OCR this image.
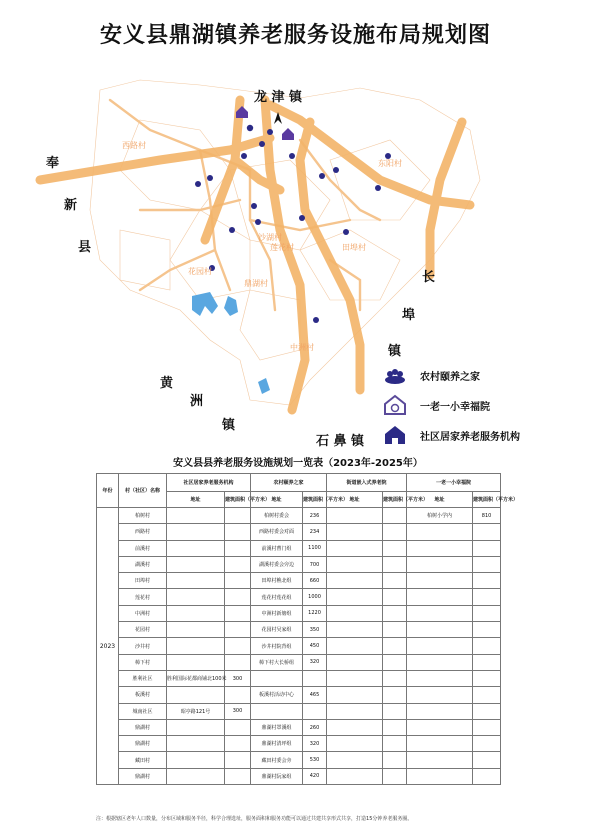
安义县鼎湖镇养老服务设施布局规划图
西路村
东阳村
沙湖村
田埠村
莲花村
花园村
鼎湖村
中洲村
龙 津 镇
奉
新
县
长
埠
镇
黄
洲
镇
石 鼻 镇
农村颐养之家
一老一小幸福院
社区居家养老服务机构
安义县县养老服务设施规划一览表（2023年-2025年）
年份	村（社区）名称	社区居家养老服务机构		农村颐养之家		街道嵌入式养老院		一老一小幸福院	
		地址	建筑面积（平方米）	地址	建筑面积（平方米）	地址	建筑面积（平方米）	地址	建筑面积（平方米）
2023	柏树村			柏树村委会	236			柏树小学内	810
	西路村			西路村委会对面	234				
	前溪村			前溪村曹门组	1100				
	湖溪村			湖溪村委会旁边	700				
	田埠村			田埠村樵北组	660				
	莲花村			莲花村莲花组	1000				
	中洲村			中洲村新塘组	1220				
	花园村			花园村吴家组	350				
	沙井村			沙井村院背组	450				
	樟下村			樟下村大长桥组	320				
	胜利社区	胜利国际花都商铺北100米	300						
	板溪村			板溪村活动中心	465				
	城南社区	昭亭路121号	300						
	鼎湖村			鼎湖村罩溪组	260				
	鼎湖村			鼎湖村清坪组	320				
	藏田村			藏田村委会旁	530				
	鼎湖村			鼎湖村阮家组	420				
注：根据辖区老年人口数量，分布区域和服务半径，科学合理选址，服务面积和服务功能可以通过共建共享形式共享，打造15分钟养老服务圈。
